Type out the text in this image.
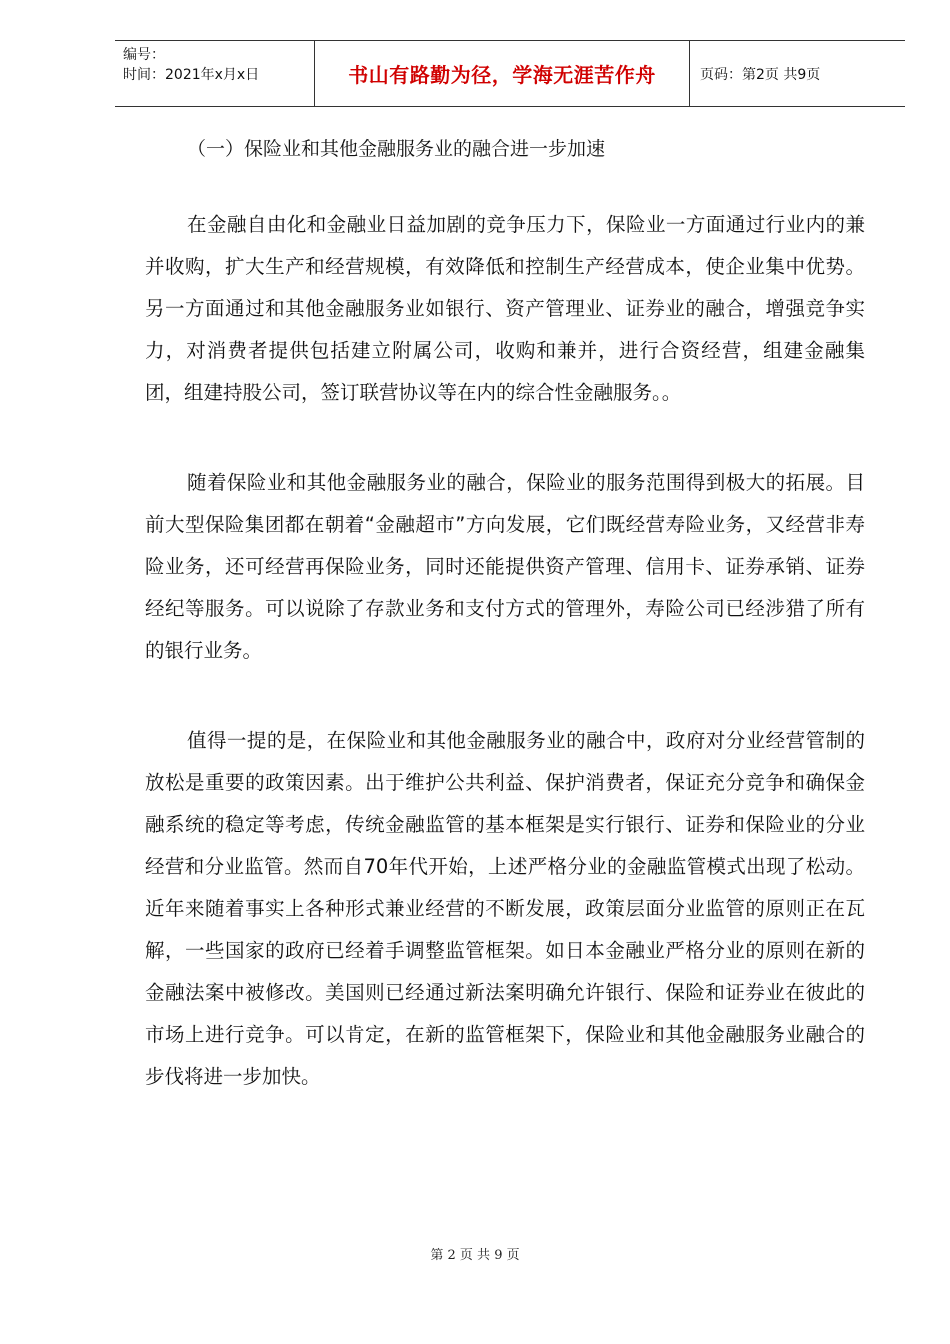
编号：
时间：2021年x月x日	书山有路勤为径，学海无涯苦作舟	页码：第2页 共9页
（一）保险业和其他金融服务业的融合进一步加速

在金融自由化和金融业日益加剧的竞争压力下，保险业一方面通过行业内的兼并收购，扩大生产和经营规模，有效降低和控制生产经营成本，使企业集中优势。另一方面通过和其他金融服务业如银行、资产管理业、证券业的融合，增强竞争实力，对消费者提供包括建立附属公司，收购和兼并，进行合资经营，组建金融集团，组建持股公司，签订联营协议等在内的综合性金融服务。。

随着保险业和其他金融服务业的融合，保险业的服务范围得到极大的拓展。目前大型保险集团都在朝着“金融超市”方向发展，它们既经营寿险业务，又经营非寿险业务，还可经营再保险业务，同时还能提供资产管理、信用卡、证券承销、证券经纪等服务。可以说除了存款业务和支付方式的管理外，寿险公司已经涉猎了所有的银行业务。

值得一提的是，在保险业和其他金融服务业的融合中，政府对分业经营管制的放松是重要的政策因素。出于维护公共利益、保护消费者，保证充分竞争和确保金融系统的稳定等考虑，传统金融监管的基本框架是实行银行、证券和保险业的分业经营和分业监管。然而自70年代开始，上述严格分业的金融监管模式出现了松动。近年来随着事实上各种形式兼业经营的不断发展，政策层面分业监管的原则正在瓦解，一些国家的政府已经着手调整监管框架。如日本金融业严格分业的原则在新的金融法案中被修改。美国则已经通过新法案明确允许银行、保险和证券业在彼此的市场上进行竞争。可以肯定，在新的监管框架下，保险业和其他金融服务业融合的步伐将进一步加快。

第 2 页 共 9 页
